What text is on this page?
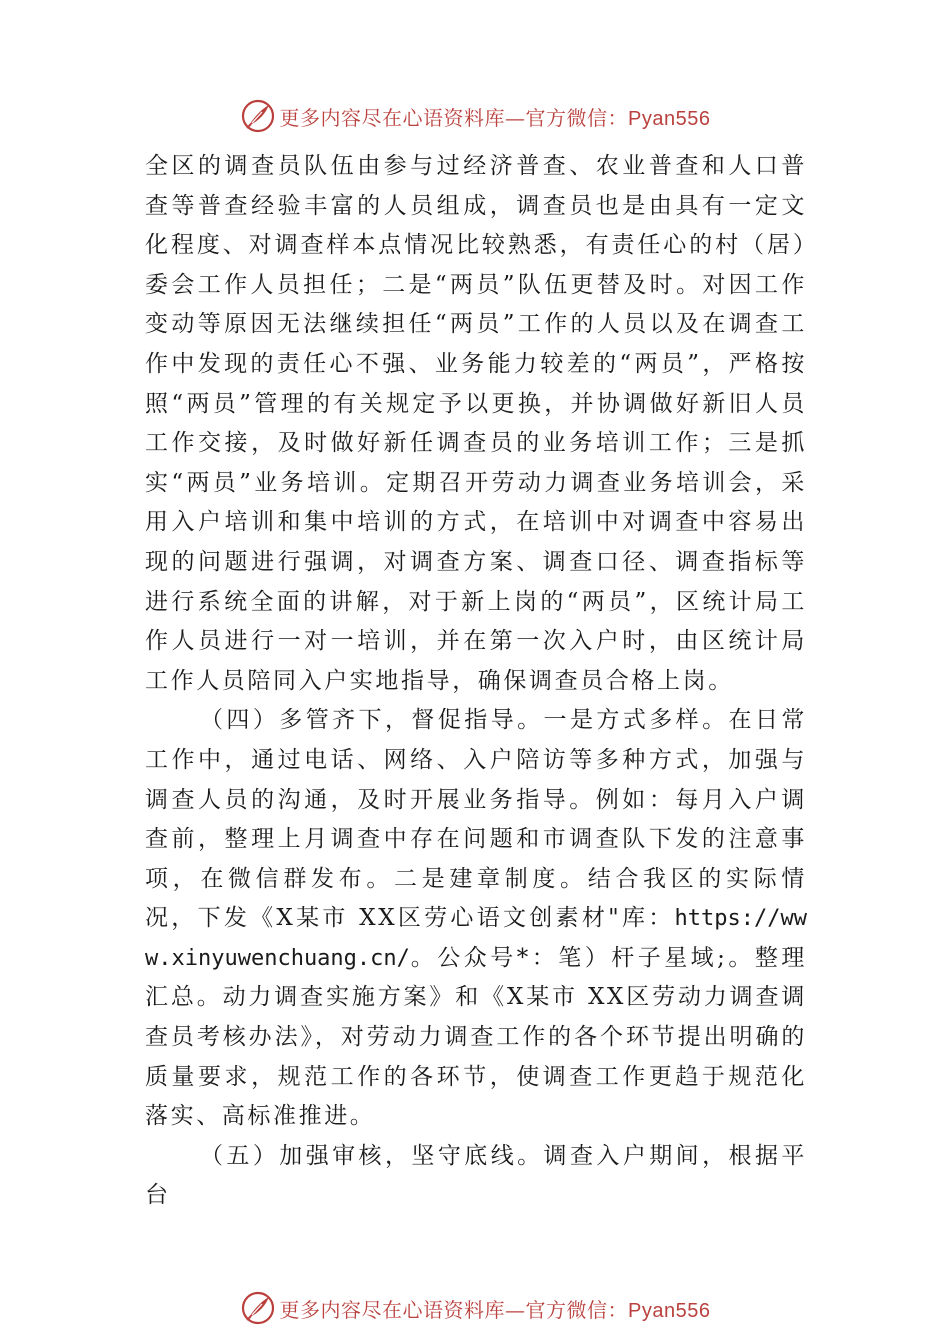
更多内容尽在心语资料库—官方微信：Pyan556

全区的调查员队伍由参与过经济普查、农业普查和人口普查等普查经验丰富的人员组成，调查员也是由具有一定文化程度、对调查样本点情况比较熟悉，有责任心的村（居）委会工作人员担任；二是“两员”队伍更替及时。对因工作变动等原因无法继续担任“两员”工作的人员以及在调查工作中发现的责任心不强、业务能力较差的“两员”，严格按照“两员”管理的有关规定予以更换，并协调做好新旧人员工作交接，及时做好新任调查员的业务培训工作；三是抓实“两员”业务培训。定期召开劳动力调查业务培训会，采用入户培训和集中培训的方式，在培训中对调查中容易出现的问题进行强调，对调查方案、调查口径、调查指标等进行系统全面的讲解，对于新上岗的“两员”，区统计局工作人员进行一对一培训，并在第一次入户时，由区统计局工作人员陪同入户实地指导，确保调查员合格上岗。

（四）多管齐下，督促指导。一是方式多样。在日常工作中，通过电话、网络、入户陪访等多种方式，加强与调查人员的沟通，及时开展业务指导。例如：每月入户调查前，整理上月调查中存在问题和市调查队下发的注意事项，在微信群发布。二是建章制度。结合我区的实际情况，下发《X某市 XX区劳心语文创素材"库：https://www.xinyuwenchuang.cn/。公众号*：笔）杆子星域;。整理汇总。动力调查实施方案》和《X某市 XX区劳动力调查调查员考核办法》，对劳动力调查工作的各个环节提出明确的质量要求，规范工作的各环节，使调查工作更趋于规范化落实、高标准推进。

（五）加强审核，坚守底线。调查入户期间，根据平台

更多内容尽在心语资料库—官方微信：Pyan556
